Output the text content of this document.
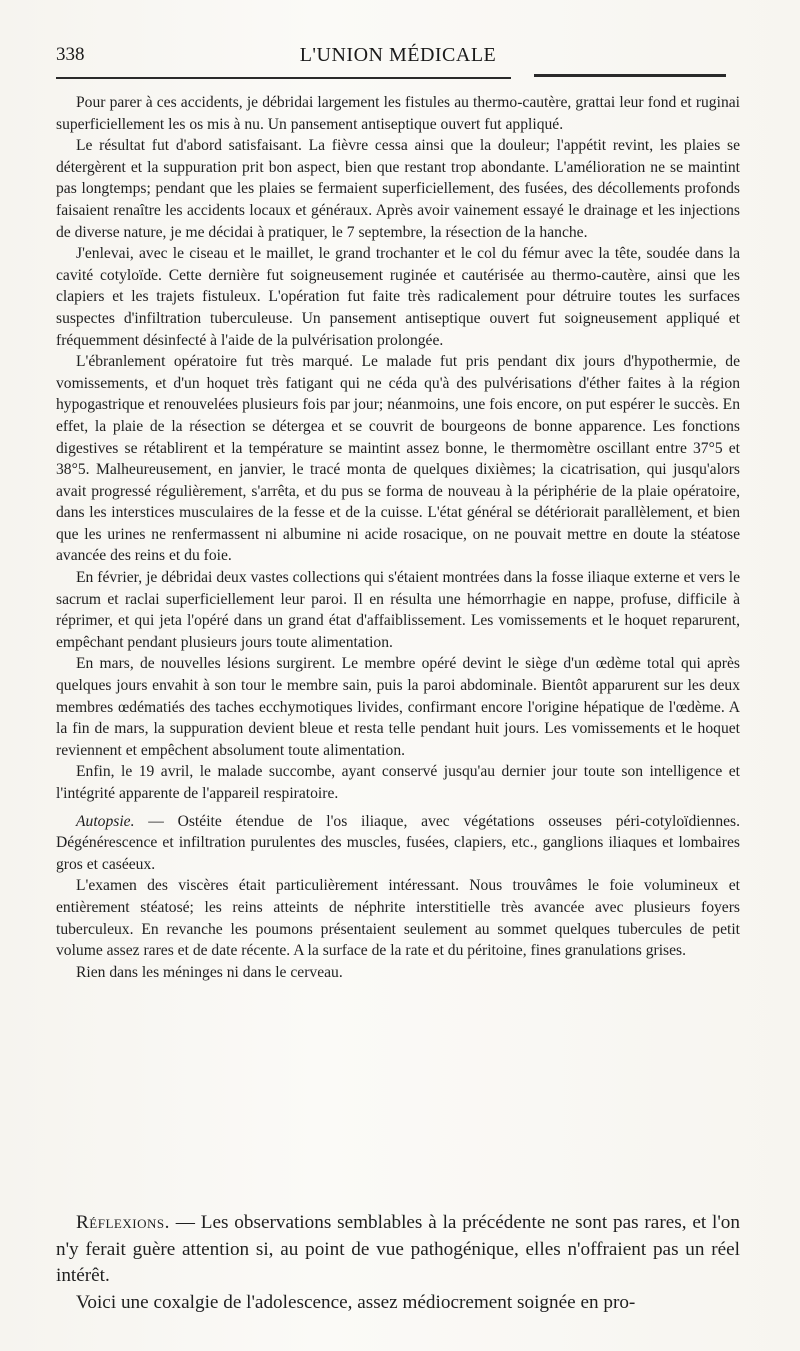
338	L'UNION MÉDICALE

Pour parer à ces accidents, je débridai largement les fistules au thermo-cautère, grattai leur fond et ruginai superficiellement les os mis à nu. Un pansement antiseptique ouvert fut appliqué.

Le résultat fut d'abord satisfaisant. La fièvre cessa ainsi que la douleur; l'appétit revint, les plaies se détergèrent et la suppuration prit bon aspect, bien que restant trop abondante. L'amélioration ne se maintint pas longtemps; pendant que les plaies se fermaient superficiellement, des fusées, des décollements profonds faisaient renaître les accidents locaux et généraux. Après avoir vainement essayé le drainage et les injections de diverse nature, je me décidai à pratiquer, le 7 septembre, la résection de la hanche.

J'enlevai, avec le ciseau et le maillet, le grand trochanter et le col du fémur avec la tête, soudée dans la cavité cotyloïde. Cette dernière fut soigneusement ruginée et cautérisée au thermo-cautère, ainsi que les clapiers et les trajets fistuleux. L'opération fut faite très radicalement pour détruire toutes les surfaces suspectes d'infiltration tuberculeuse. Un pansement antiseptique ouvert fut soigneusement appliqué et fréquemment désinfecté à l'aide de la pulvérisation prolongée.

L'ébranlement opératoire fut très marqué. Le malade fut pris pendant dix jours d'hypothermie, de vomissements, et d'un hoquet très fatigant qui ne céda qu'à des pulvérisations d'éther faites à la région hypogastrique et renouvelées plusieurs fois par jour; néanmoins, une fois encore, on put espérer le succès. En effet, la plaie de la résection se détergea et se couvrit de bourgeons de bonne apparence. Les fonctions digestives se rétablirent et la température se maintint assez bonne, le thermomètre oscillant entre 37°5 et 38°5. Malheureusement, en janvier, le tracé monta de quelques dixièmes; la cicatrisation, qui jusqu'alors avait progressé régulièrement, s'arrêta, et du pus se forma de nouveau à la périphérie de la plaie opératoire, dans les interstices musculaires de la fesse et de la cuisse. L'état général se détériorait parallèlement, et bien que les urines ne renfermassent ni albumine ni acide rosacique, on ne pouvait mettre en doute la stéatose avancée des reins et du foie.

En février, je débridai deux vastes collections qui s'étaient montrées dans la fosse iliaque externe et vers le sacrum et raclai superficiellement leur paroi. Il en résulta une hémorrhagie en nappe, profuse, difficile à réprimer, et qui jeta l'opéré dans un grand état d'affaiblissement. Les vomissements et le hoquet reparurent, empêchant pendant plusieurs jours toute alimentation.

En mars, de nouvelles lésions surgirent. Le membre opéré devint le siège d'un œdème total qui après quelques jours envahit à son tour le membre sain, puis la paroi abdominale. Bientôt apparurent sur les deux membres œdématiés des taches ecchymotiques livides, confirmant encore l'origine hépatique de l'œdème. A la fin de mars, la suppuration devient bleue et resta telle pendant huit jours. Les vomissements et le hoquet reviennent et empêchent absolument toute alimentation.

Enfin, le 19 avril, le malade succombe, ayant conservé jusqu'au dernier jour toute son intelligence et l'intégrité apparente de l'appareil respiratoire.

Autopsie. — Ostéite étendue de l'os iliaque, avec végétations osseuses péri-cotyloïdiennes. Dégénérescence et infiltration purulentes des muscles, fusées, clapiers, etc., ganglions iliaques et lombaires gros et caséeux.

L'examen des viscères était particulièrement intéressant. Nous trouvâmes le foie volumineux et entièrement stéatosé; les reins atteints de néphrite interstitielle très avancée avec plusieurs foyers tuberculeux. En revanche les poumons présentaient seulement au sommet quelques tubercules de petit volume assez rares et de date récente. A la surface de la rate et du péritoine, fines granulations grises.

Rien dans les méninges ni dans le cerveau.

Réflexions. — Les observations semblables à la précédente ne sont pas rares, et l'on n'y ferait guère attention si, au point de vue pathogénique, elles n'offraient pas un réel intérêt.

Voici une coxalgie de l'adolescence, assez médiocrement soignée en pro-
